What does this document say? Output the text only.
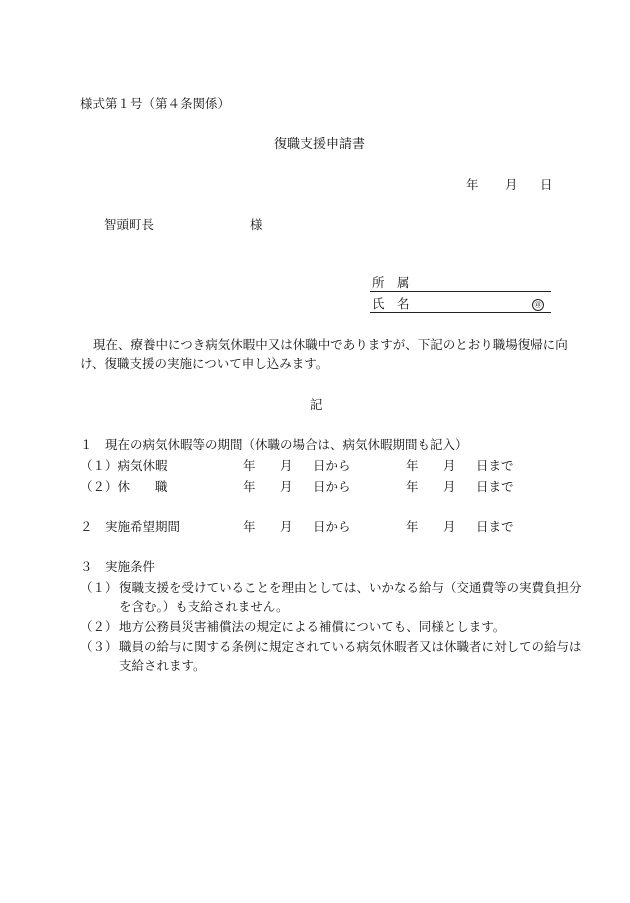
様式第１号（第４条関係）
復職支援申請書
年 月 日
智頭町長	様
所　属
氏　名	㊞
現在、療養中につき病気休暇中又は休職中でありますが、下記のとおり職場復帰に向
け、復職支援の実施について申し込みます。
記
１　現在の病気休暇等の期間（休職の場合は、病気休暇期間も記入）
（１）病気休暇	年 月 日から	年 月 日まで
（２）休　　職	年 月 日から	年 月 日まで
２　実施希望期間	年 月 日から	年 月 日まで
３　実施条件
（１） 復職支援を受けていることを理由としては、いかなる給与（交通費等の実費負担分
を含む。）も支給されません。
（２） 地方公務員災害補償法の規定による補償についても、同様とします。
（３） 職員の給与に関する条例に規定されている病気休暇者又は休職者に対しての給与は
支給されます。
